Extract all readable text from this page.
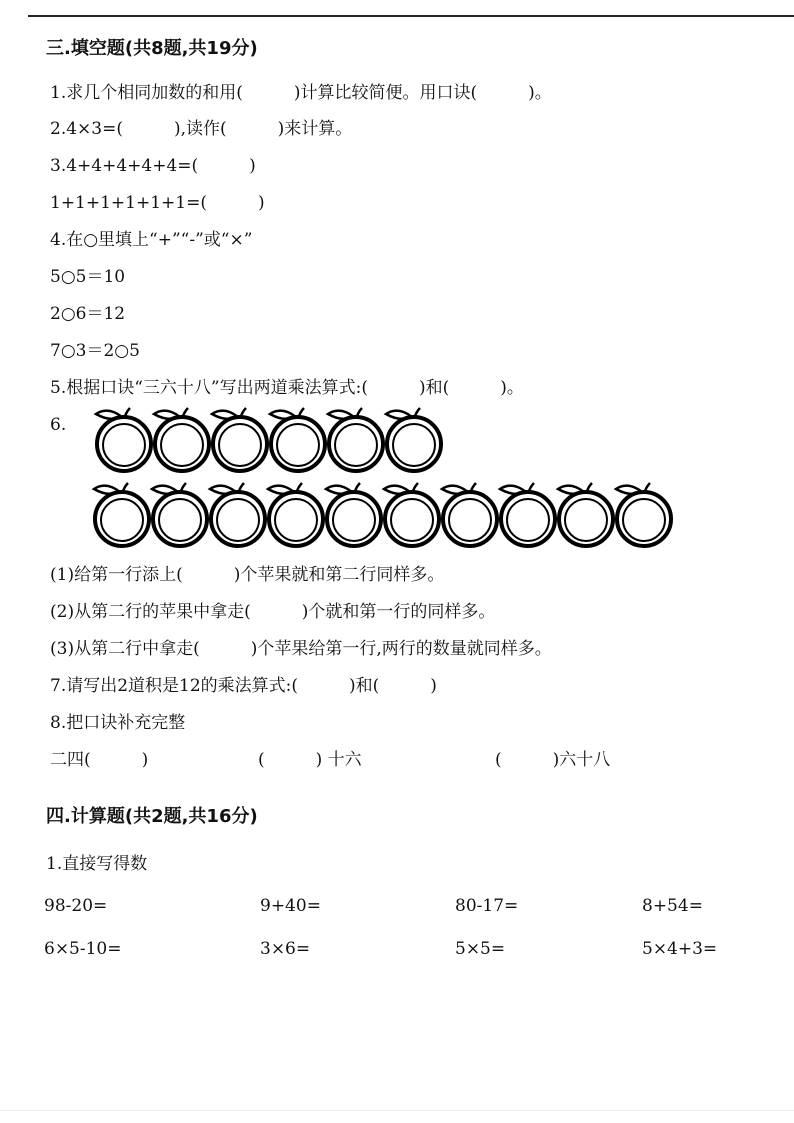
三.填空题(共8题,共19分)
1.求几个相同加数的和用(　　　)计算比较简便。用口诀(　　　)。
2.4×3=(　　　),读作(　　　)来计算。
3.4+4+4+4+4=(　　　)
1+1+1+1+1+1=(　　　)
4.在○里填上“+”“-”或“×”
5○5＝10
2○6＝12
7○3＝2○5
5.根据口诀“三六十八”写出两道乘法算式:(　　　)和(　　　)。
6.
(1)给第一行添上(　　　)个苹果就和第二行同样多。
(2)从第二行的苹果中拿走(　　　)个就和第一行的同样多。
(3)从第二行中拿走(　　　)个苹果给第一行,两行的数量就同样多。
7.请写出2道积是12的乘法算式:(　　　)和(　　　)
8.把口诀补充完整
二四(　　　)	(　　　) 十六	(　　　)六十八
四.计算题(共2题,共16分)
1.直接写得数
98-20=	9+40=	80-17=	8+54=
6×5-10=	3×6=	5×5=	5×4+3=
